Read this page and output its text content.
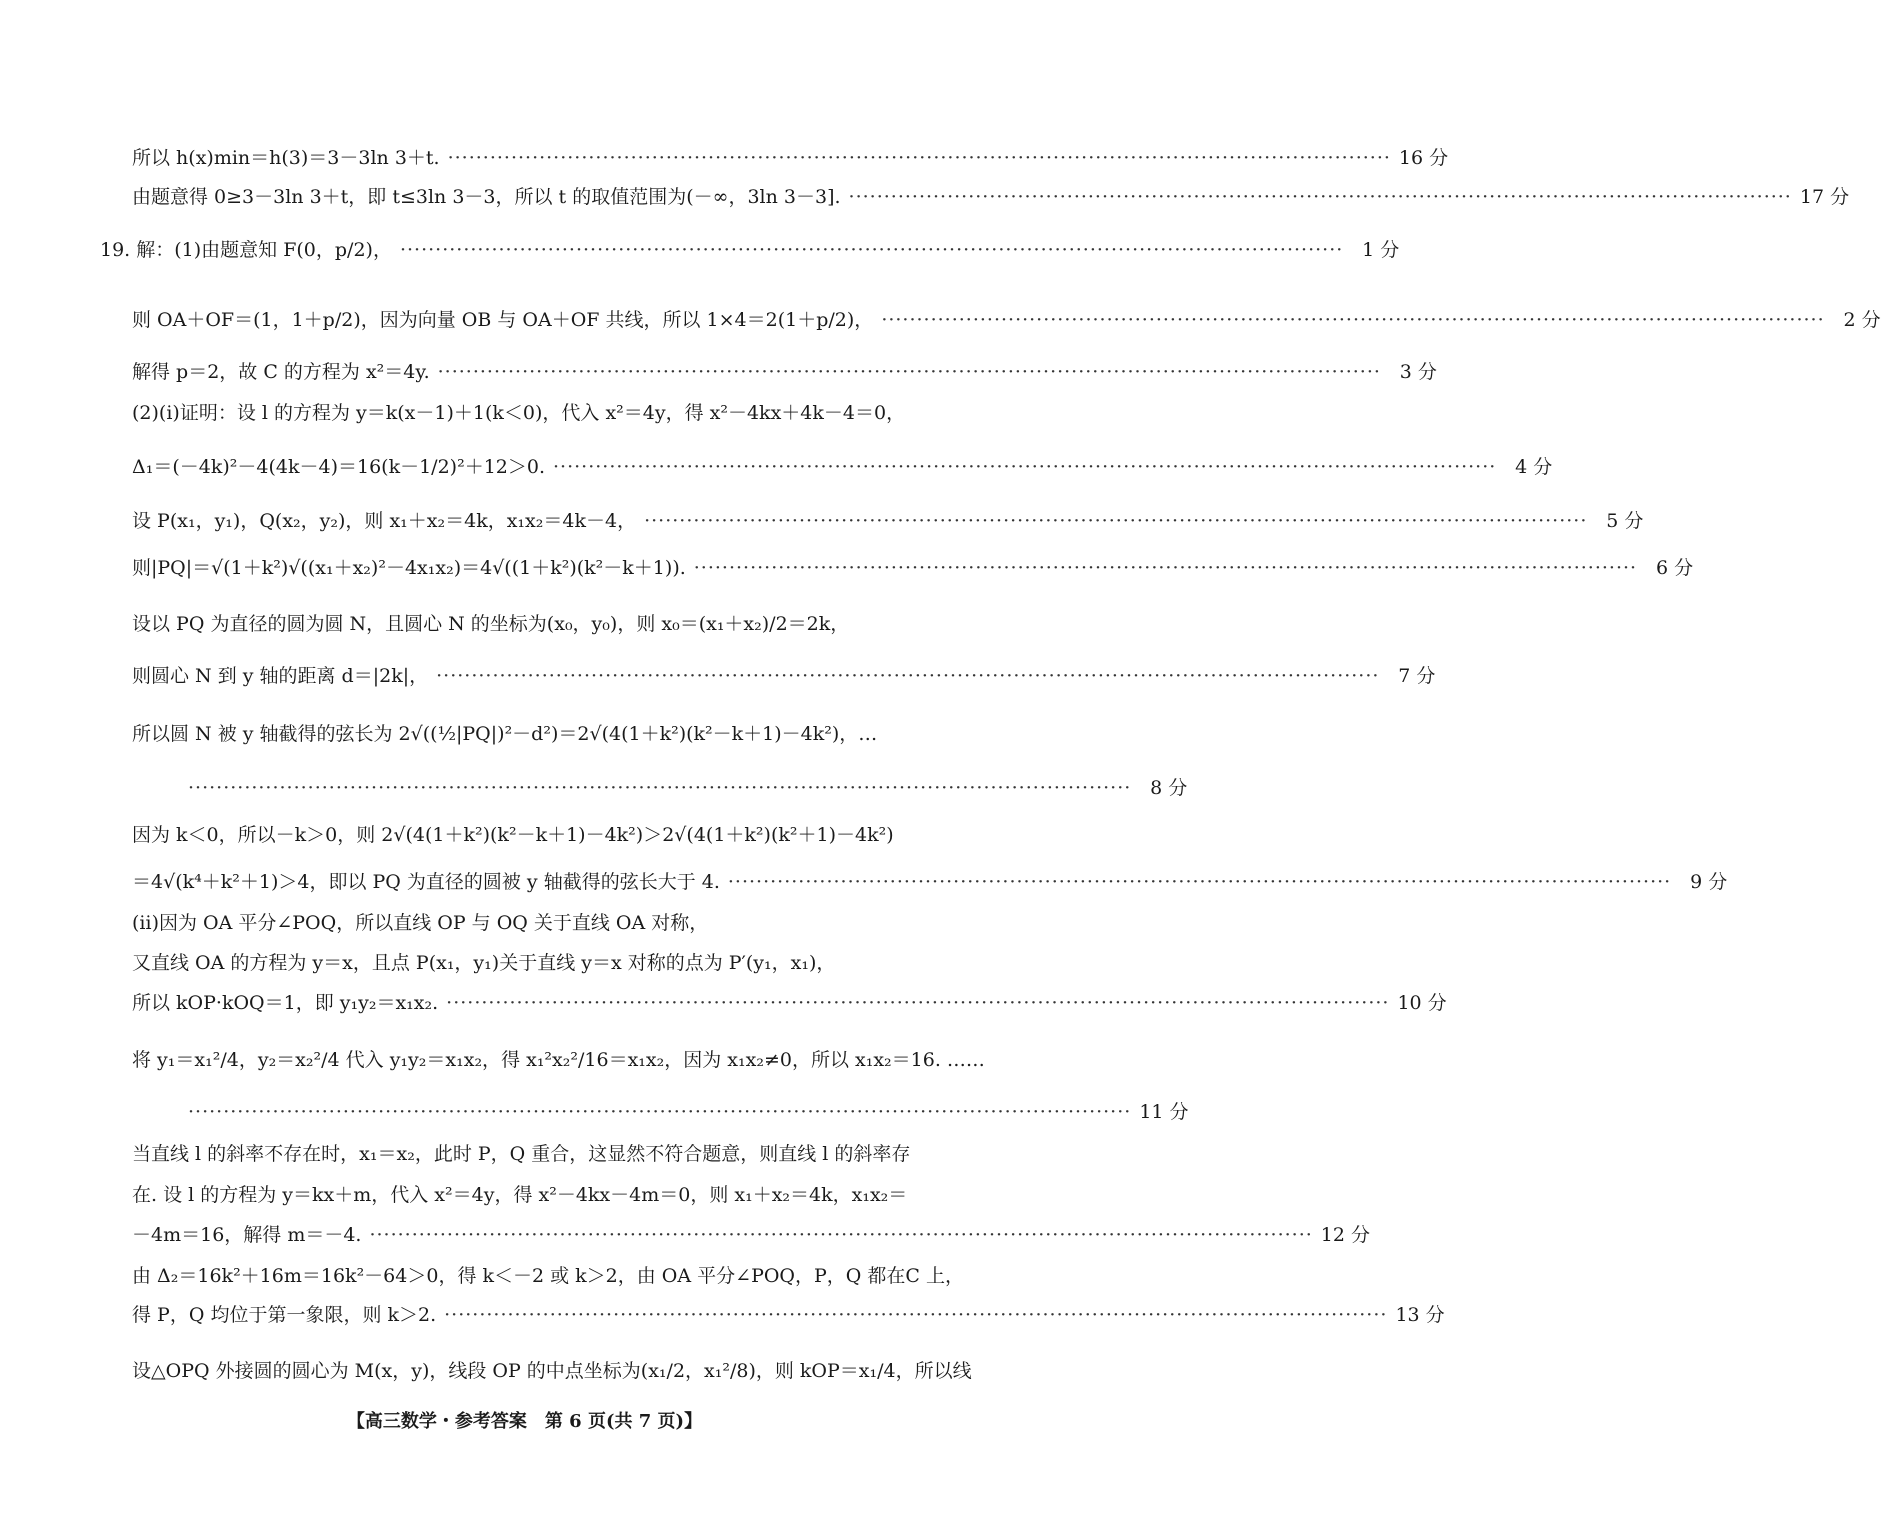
所以 h(x)min＝h(3)＝3－3ln 3＋t. ·····	16 分
由题意得 0≥3－3ln 3＋t，即 t≤3ln 3－3，所以 t 的取值范围为(－∞，3ln 3－3]. ·····	17 分
19. 解：(1)由题意知 F(0，p/2)， ·····	1 分
则 OA＋OF＝(1，1＋p/2)，因为向量 OB 与 OA＋OF 共线，所以 1×4＝2(1＋p/2)， ·····	2 分
解得 p＝2，故 C 的方程为 x²＝4y. ·····	3 分
(2)(ⅰ)证明：设 l 的方程为 y＝k(x－1)＋1(k＜0)，代入 x²＝4y，得 x²－4kx＋4k－4＝0，
Δ₁＝(－4k)²－4(4k－4)＝16(k－1/2)²＋12＞0. ·····	4 分
设 P(x₁，y₁)，Q(x₂，y₂)，则 x₁＋x₂＝4k，x₁x₂＝4k－4， ·····	5 分
则|PQ|＝√(1＋k²)√((x₁＋x₂)²－4x₁x₂)＝4√((1＋k²)(k²－k＋1)). ·····	6 分
设以 PQ 为直径的圆为圆 N，且圆心 N 的坐标为(x₀，y₀)，则 x₀＝(x₁＋x₂)/2＝2k，
则圆心 N 到 y 轴的距离 d＝|2k|， ·····	7 分
所以圆 N 被 y 轴截得的弦长为 2√((½|PQ|)²－d²)＝2√(4(1＋k²)(k²－k＋1)－4k²)，…
·····
8 分
因为 k＜0，所以－k＞0，则 2√(4(1＋k²)(k²－k＋1)－4k²)＞2√(4(1＋k²)(k²＋1)－4k²)
＝4√(k⁴＋k²＋1)＞4，即以 PQ 为直径的圆被 y 轴截得的弦长大于 4. ·····	9 分
(ⅱ)因为 OA 平分∠POQ，所以直线 OP 与 OQ 关于直线 OA 对称，
又直线 OA 的方程为 y＝x，且点 P(x₁，y₁)关于直线 y＝x 对称的点为 P′(y₁，x₁)，
所以 kOP·kOQ＝1，即 y₁y₂＝x₁x₂. ·····	10 分
将 y₁＝x₁²/4，y₂＝x₂²/4 代入 y₁y₂＝x₁x₂，得 x₁²x₂²/16＝x₁x₂，因为 x₁x₂≠0，所以 x₁x₂＝16. ……
·····
11 分
当直线 l 的斜率不存在时，x₁＝x₂，此时 P，Q 重合，这显然不符合题意，则直线 l 的斜率存
在. 设 l 的方程为 y＝kx＋m，代入 x²＝4y，得 x²－4kx－4m＝0，则 x₁＋x₂＝4k，x₁x₂＝
－4m＝16，解得 m＝－4. ·····	12 分
由 Δ₂＝16k²＋16m＝16k²－64＞0，得 k＜－2 或 k＞2，由 OA 平分∠POQ，P，Q 都在C 上，
得 P，Q 均位于第一象限，则 k＞2. ·····	13 分
设△OPQ 外接圆的圆心为 M(x，y)，线段 OP 的中点坐标为(x₁/2，x₁²/8)，则 kOP＝x₁/4，所以线
【高三数学・参考答案　第 6 页(共 7 页)】
